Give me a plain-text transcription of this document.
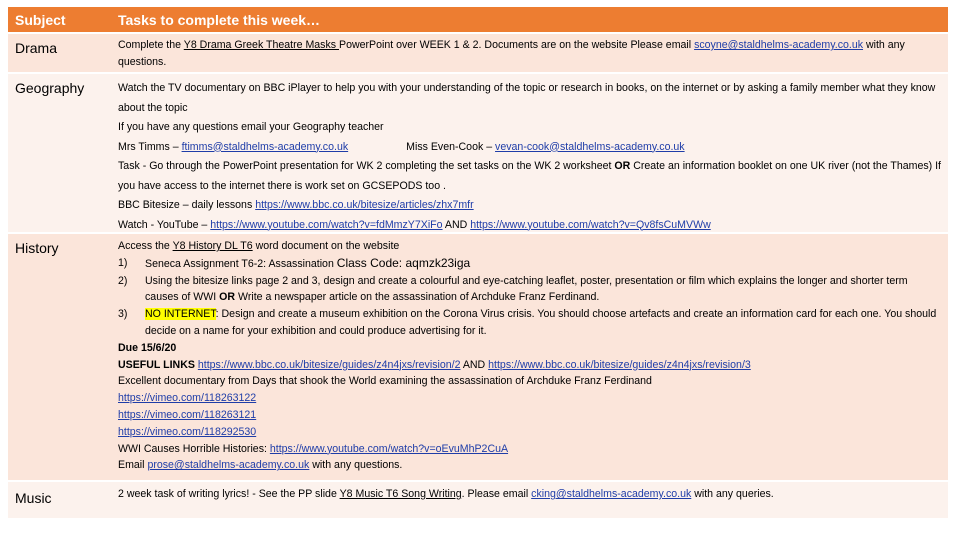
Subject	Tasks to complete this week…
Drama	Complete the Y8 Drama Greek Theatre Masks PowerPoint over WEEK 1 & 2. Documents are on the website Please email scoyne@staldhelms-academy.co.uk with any questions.
Geography	Watch the TV documentary on BBC iPlayer to help you with your understanding of the topic or research in books, on the internet or by asking a family member what they know about the topic
If you have any questions email your Geography teacher
Mrs Timms – ftimms@staldhelms-academy.co.uk	Miss Even-Cook – vevan-cook@staldhelms-academy.co.uk
Task - Go through the PowerPoint presentation for WK 2 completing the set tasks on the WK 2 worksheet OR Create an information booklet on one UK river (not the Thames) If you have access to the internet there is work set on GCSEPODS too .
BBC Bitesize – daily lessons https://www.bbc.co.uk/bitesize/articles/zhx7mfr
Watch - YouTube – https://www.youtube.com/watch?v=fdMmzY7XiFo AND https://www.youtube.com/watch?v=Qv8fsCuMVWw
History	Access the Y8 History DL T6 word document on the website
1)	Seneca Assignment T6-2: Assassination Class Code: aqmzk23iga
2)	Using the bitesize links page 2 and 3, design and create a colourful and eye-catching leaflet, poster, presentation or film which explains the longer and shorter term causes of WWI OR Write a newspaper article on the assassination of Archduke Franz Ferdinand.
3)	NO INTERNET: Design and create a museum exhibition on the Corona Virus crisis. You should choose artefacts and create an information card for each one. You should decide on a name for your exhibition and could produce advertising for it.
Due 15/6/20
USEFUL LINKS https://www.bbc.co.uk/bitesize/guides/z4n4jxs/revision/2 AND https://www.bbc.co.uk/bitesize/guides/z4n4jxs/revision/3
Excellent documentary from Days that shook the World examining the assassination of Archduke Franz Ferdinand
https://vimeo.com/118263122
https://vimeo.com/118263121
https://vimeo.com/118292530
WWI Causes Horrible Histories: https://www.youtube.com/watch?v=oEvuMhP2CuA
Email prose@staldhelms-academy.co.uk with any questions.
Music	2 week task of writing lyrics! - See the PP slide Y8 Music T6 Song Writing. Please email cking@staldhelms-academy.co.uk with any queries.
